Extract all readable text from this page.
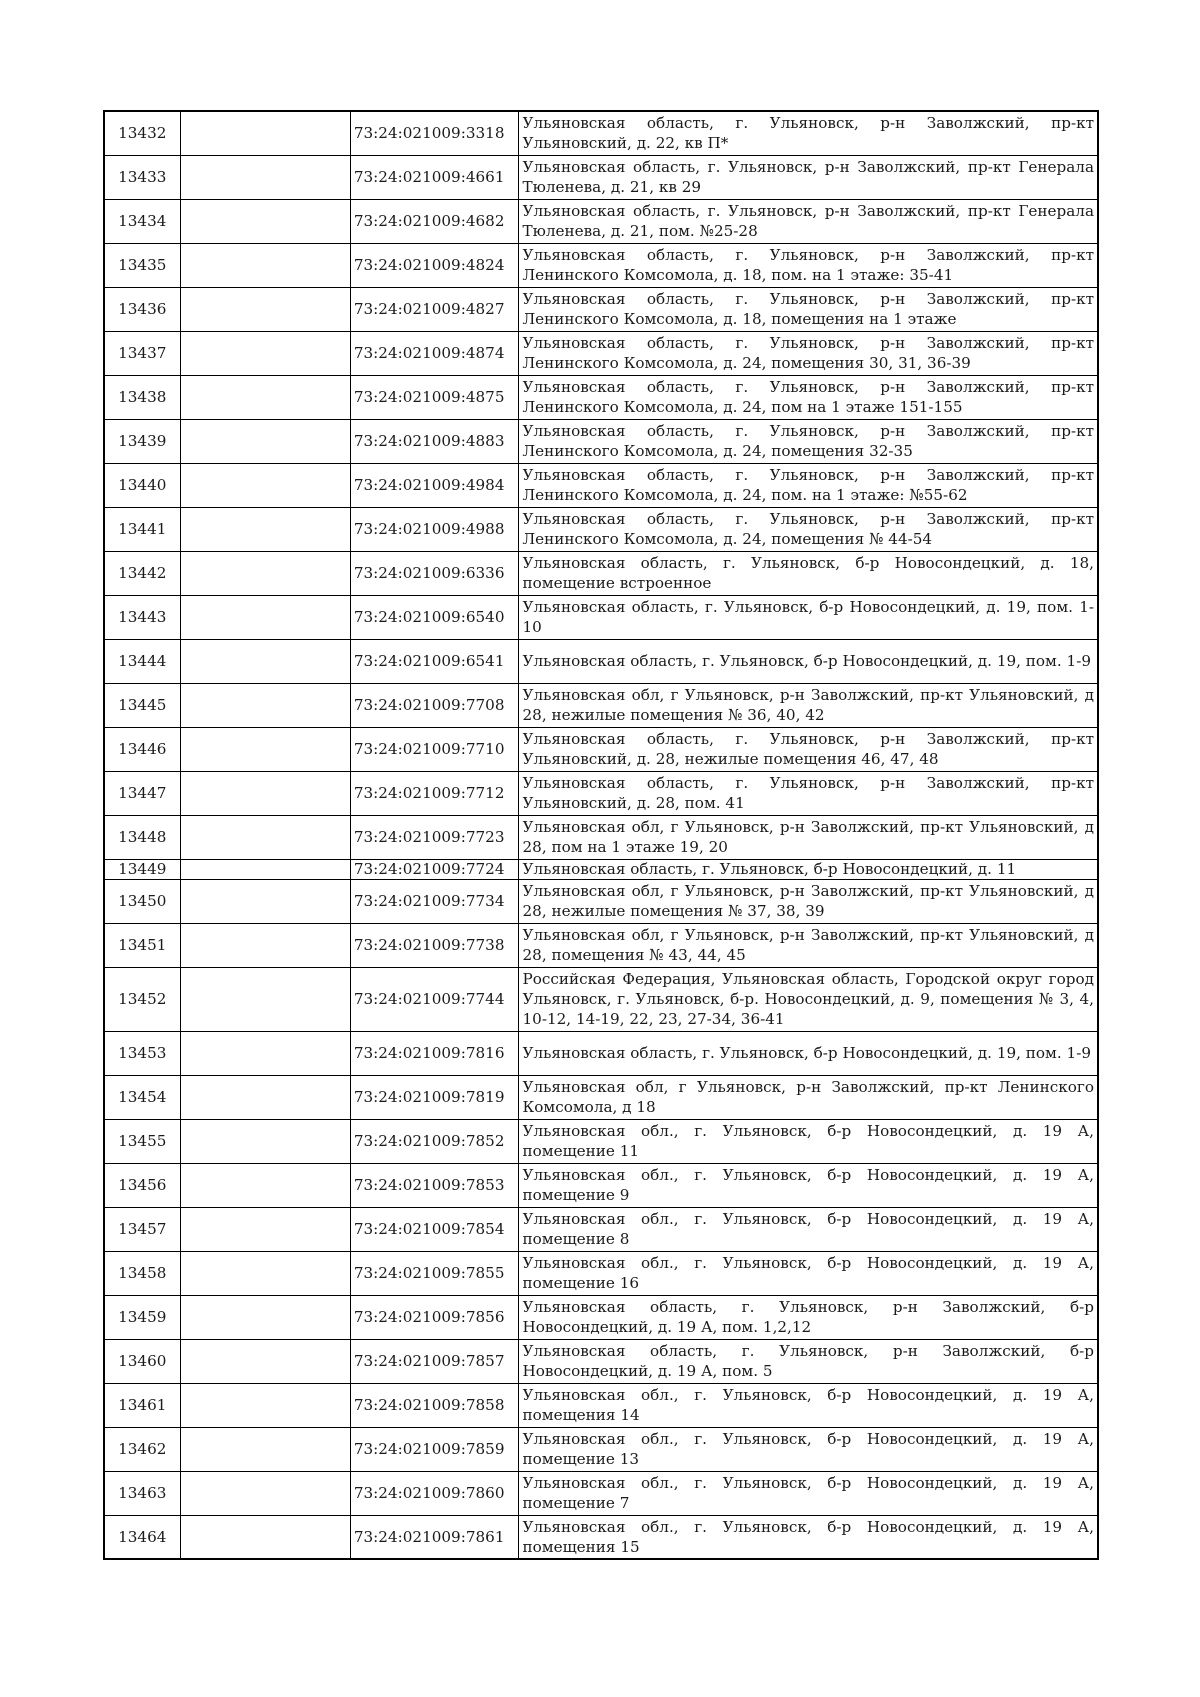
13432		73:24:021009:3318	Ульяновская область, г. Ульяновск, р-н Заволжский, пр-кт Ульяновский, д. 22, кв П*
13433		73:24:021009:4661	Ульяновская область, г. Ульяновск, р-н Заволжский, пр-кт Генерала Тюленева, д. 21, кв 29
13434		73:24:021009:4682	Ульяновская область, г. Ульяновск, р-н Заволжский, пр-кт Генерала Тюленева, д. 21, пом. №25-28
13435		73:24:021009:4824	Ульяновская область, г. Ульяновск, р-н Заволжский, пр-кт Ленинского Комсомола, д. 18, пом. на 1 этаже: 35-41
13436		73:24:021009:4827	Ульяновская область, г. Ульяновск, р-н Заволжский, пр-кт Ленинского Комсомола, д. 18, помещения на 1 этаже
13437		73:24:021009:4874	Ульяновская область, г. Ульяновск, р-н Заволжский, пр-кт Ленинского Комсомола, д. 24, помещения 30, 31, 36-39
13438		73:24:021009:4875	Ульяновская область, г. Ульяновск, р-н Заволжский, пр-кт Ленинского Комсомола, д. 24, пом на 1 этаже 151-155
13439		73:24:021009:4883	Ульяновская область, г. Ульяновск, р-н Заволжский, пр-кт Ленинского Комсомола, д. 24, помещения 32-35
13440		73:24:021009:4984	Ульяновская область, г. Ульяновск, р-н Заволжский, пр-кт Ленинского Комсомола, д. 24, пом. на 1 этаже: №55-62
13441		73:24:021009:4988	Ульяновская область, г. Ульяновск, р-н Заволжский, пр-кт Ленинского Комсомола, д. 24, помещения № 44-54
13442		73:24:021009:6336	Ульяновская область, г. Ульяновск, б-р Новосондецкий, д. 18, помещение встроенное
13443		73:24:021009:6540	Ульяновская область, г. Ульяновск, б-р Новосондецкий, д. 19, пом. 1-10
13444		73:24:021009:6541	Ульяновская область, г. Ульяновск, б-р Новосондецкий, д. 19, пом. 1-9
13445		73:24:021009:7708	Ульяновская обл, г Ульяновск, р-н Заволжский, пр-кт Ульяновский, д 28, нежилые помещения № 36, 40, 42
13446		73:24:021009:7710	Ульяновская область, г. Ульяновск, р-н Заволжский, пр-кт Ульяновский, д. 28, нежилые помещения 46, 47, 48
13447		73:24:021009:7712	Ульяновская область, г. Ульяновск, р-н Заволжский, пр-кт Ульяновский, д. 28, пом. 41
13448		73:24:021009:7723	Ульяновская обл, г Ульяновск, р-н Заволжский, пр-кт Ульяновский, д 28, пом на 1 этаже 19, 20
13449		73:24:021009:7724	Ульяновская область, г. Ульяновск, б-р Новосондецкий, д. 11
13450		73:24:021009:7734	Ульяновская обл, г Ульяновск, р-н Заволжский, пр-кт Ульяновский, д 28, нежилые помещения № 37, 38, 39
13451		73:24:021009:7738	Ульяновская обл, г Ульяновск, р-н Заволжский, пр-кт Ульяновский, д 28, помещения № 43, 44, 45
13452		73:24:021009:7744	Российская Федерация, Ульяновская область, Городской округ город Ульяновск, г. Ульяновск, б-р. Новосондецкий, д. 9, помещения № 3, 4, 10-12, 14-19, 22, 23, 27-34, 36-41
13453		73:24:021009:7816	Ульяновская область, г. Ульяновск, б-р Новосондецкий, д. 19, пом. 1-9
13454		73:24:021009:7819	Ульяновская обл, г Ульяновск, р-н Заволжский, пр-кт Ленинского Комсомола, д 18
13455		73:24:021009:7852	Ульяновская обл., г. Ульяновск, б-р Новосондецкий, д. 19 А, помещение 11
13456		73:24:021009:7853	Ульяновская обл., г. Ульяновск, б-р Новосондецкий, д. 19 А, помещение 9
13457		73:24:021009:7854	Ульяновская обл., г. Ульяновск, б-р Новосондецкий, д. 19 А, помещение 8
13458		73:24:021009:7855	Ульяновская обл., г. Ульяновск, б-р Новосондецкий, д. 19 А, помещение 16
13459		73:24:021009:7856	Ульяновская область, г. Ульяновск, р-н Заволжский, б-р Новосондецкий, д. 19 А, пом. 1,2,12
13460		73:24:021009:7857	Ульяновская область, г. Ульяновск, р-н Заволжский, б-р Новосондецкий, д. 19 А, пом. 5
13461		73:24:021009:7858	Ульяновская обл., г. Ульяновск, б-р Новосондецкий, д. 19 А, помещения 14
13462		73:24:021009:7859	Ульяновская обл., г. Ульяновск, б-р Новосондецкий, д. 19 А, помещение 13
13463		73:24:021009:7860	Ульяновская обл., г. Ульяновск, б-р Новосондецкий, д. 19 А, помещение 7
13464		73:24:021009:7861	Ульяновская обл., г. Ульяновск, б-р Новосондецкий, д. 19 А, помещения 15
